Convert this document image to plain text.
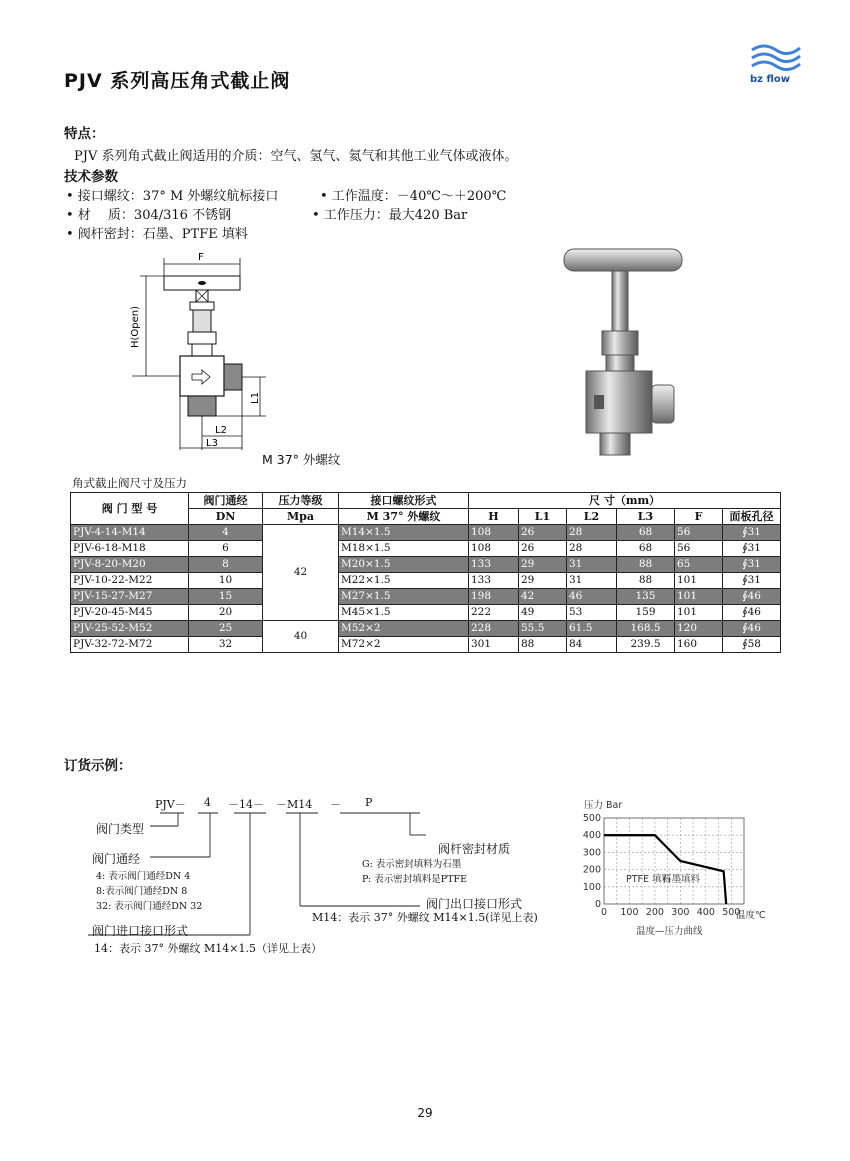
PJV 系列高压角式截止阀	bz flow
特点：
PJV 系列角式截止阀适用的介质：空气、氢气、氦气和其他工业气体或液体。
技术参数
• 接口螺纹：37° M 外螺纹航标接口	• 工作温度：－40℃～＋200℃
• 材　 质：304/316 不锈钢	• 工作压力：最大420 Bar
• 阀杆密封：石墨、PTFE 填料
F
H(Open)
L1
L2
L3
M 37° 外螺纹
角式截止阀尺寸及压力
阀 门 型 号	阀门通经	压力等级	接口螺纹形式	尺 寸（mm）					
	DN	Mpa	M 37° 外螺纹	H	L1	L2	L3	F	面板孔径
PJV-4-14-M14	4	42	M14×1.5	108	26	28	68	56	∮31
PJV-6-18-M18	6		M18×1.5	108	26	28	68	56	∮31
PJV-8-20-M20	8		M20×1.5	133	29	31	88	65	∮31
PJV-10-22-M22	10		M22×1.5	133	29	31	88	101	∮31
PJV-15-27-M27	15		M27×1.5	198	42	46	135	101	∮46
PJV-20-45-M45	20		M45×1.5	222	49	53	159	101	∮46
PJV-25-52-M52	25	40	M52×2	228	55.5	61.5	168.5	120	∮46
PJV-32-72-M72	32		M72×2	301	88	84	239.5	160	∮58
订货示例：
PJV－ 4 －14－ －M14 － P
阀门类型
阀门通经
4: 表示阀门通经DN 4
8:表示阀门通经DN 8
32: 表示阀门通经DN 32
阀门进口接口形式
14：表示 37° 外螺纹 M14×1.5（详见上表）
阀门出口接口形式
M14：表示 37° 外螺纹 M14×1.5(详见上表)
阀杆密封材质
G: 表示密封填料为石墨
P: 表示密封填料是PTFE
压力 Bar
500
400
300
200
100
0
0 100 200 300 400 500
PTFE 填料
石墨填料
温度℃
温度—压力曲线
29
